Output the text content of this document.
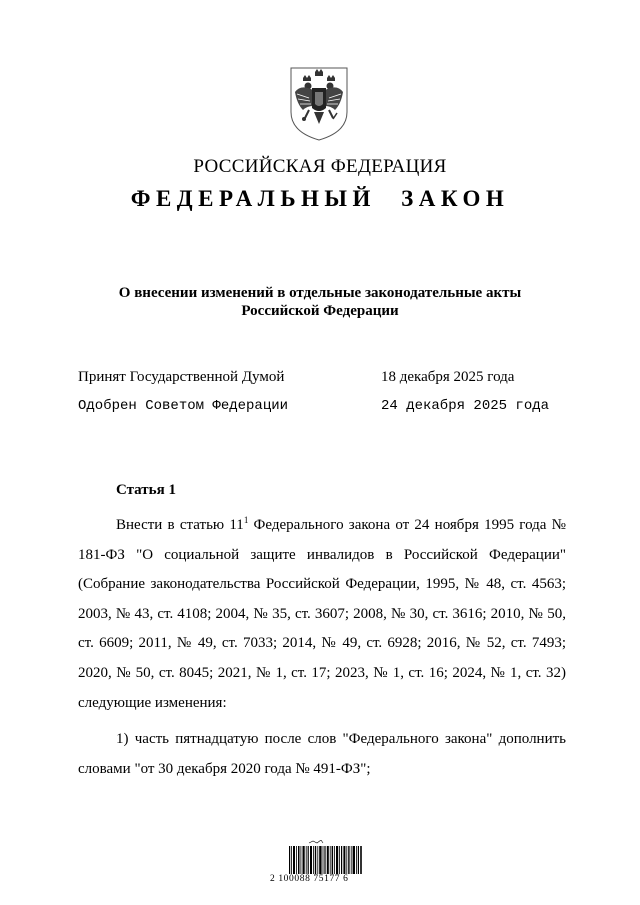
РОССИЙСКАЯ ФЕДЕРАЦИЯ
ФЕДЕРАЛЬНЫЙ ЗАКОН
О внесении изменений в отдельные законодательные акты
Российской Федерации
Принят Государственной Думой	18 декабря 2025 года
Одобрен Советом Федерации	24 декабря 2025 года
Статья 1

Внести в статью $11^1$ Федерального закона от 24 ноября 1995 года № 181-ФЗ "О социальной защите инвалидов в Российской Федерации" (Собрание законодательства Российской Федерации, 1995, № 48, ст. 4563; 2003, № 43, ст. 4108; 2004, № 35, ст. 3607; 2008, № 30, ст. 3616; 2010, № 50, ст. 6609; 2011, № 49, ст. 7033; 2014, № 49, ст. 6928; 2016, № 52, ст. 7493; 2020, № 50, ст. 8045; 2021, № 1, ст. 17; 2023, № 1, ст. 16; 2024, № 1, ст. 32) следующие изменения:

1) часть пятнадцатую после слов "Федерального закона" дополнить словами "от 30 декабря 2020 года № 491-ФЗ";

2 100088 75177 6
